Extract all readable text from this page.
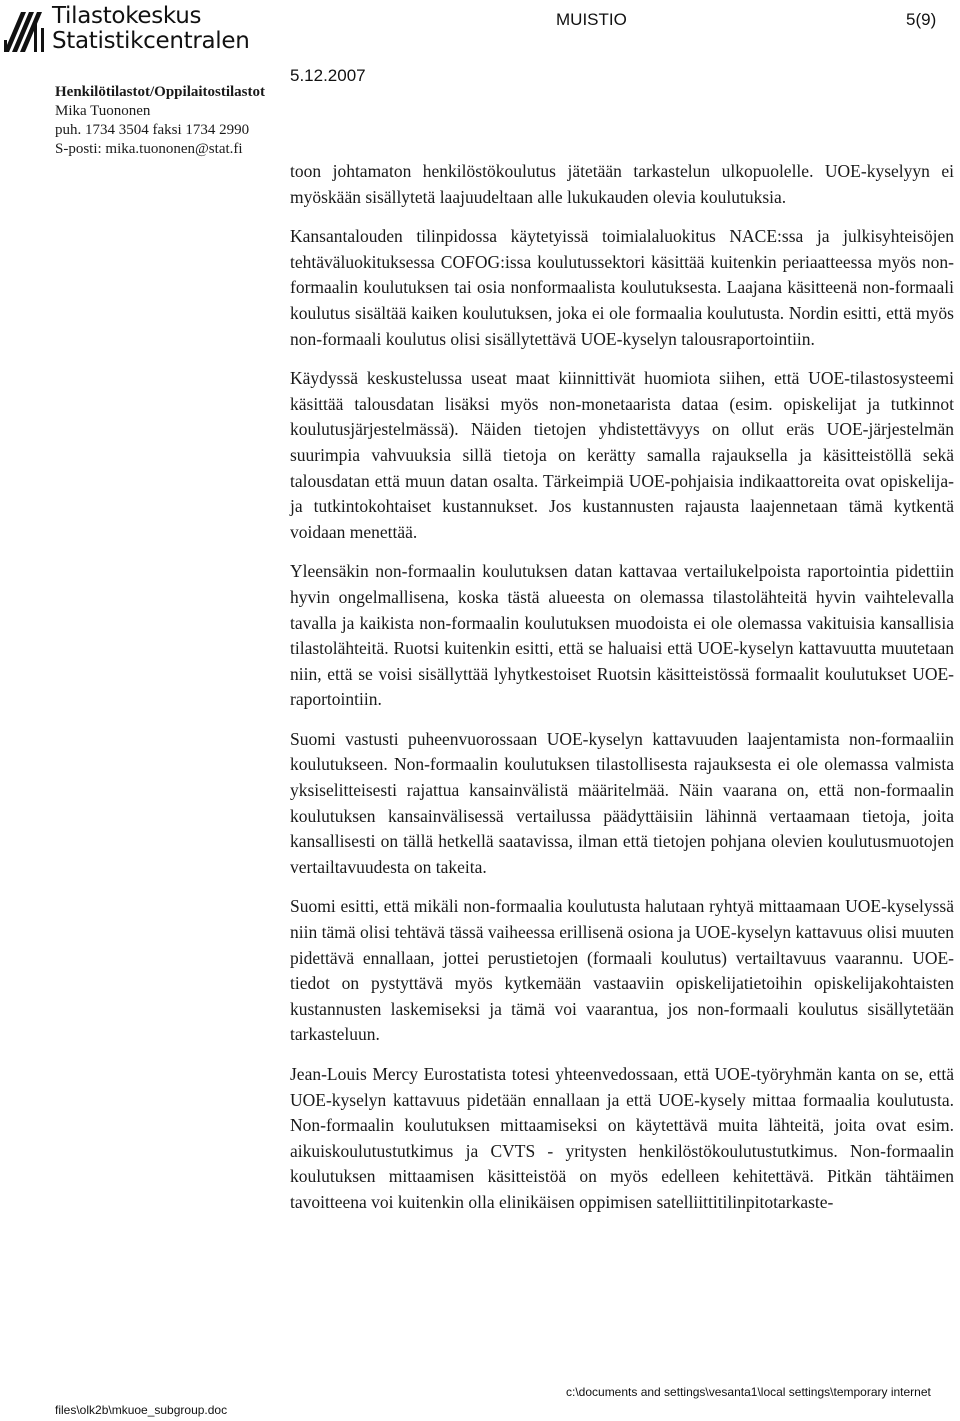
Tilastokeskus
Statistikcentralen
MUISTIO	5(9)
5.12.2007
Henkilötilastot/Oppilaitostilastot
Mika Tuononen
puh. 1734 3504 faksi 1734 2990
S-posti: mika.tuononen@stat.fi

toon johtamaton henkilöstökoulutus jätetään tarkastelun ulkopuolelle. UOE-kyselyyn ei myöskään sisällytetä laajuudeltaan alle lukukauden olevia koulutuksia.

Kansantalouden tilinpidossa käytetyissä toimialaluokitus NACE:ssa ja julkisyhteisöjen tehtäväluokituksessa COFOG:issa koulutussektori käsittää kuitenkin periaatteessa myös non-formaalin koulutuksen tai osia nonformaalista koulutuksesta. Laajana käsitteenä non-formaali koulutus sisältää kaiken koulutuksen, joka ei ole formaalia koulutusta. Nordin esitti, että myös non-formaali koulutus olisi sisällytettävä UOE-kyselyn talousraportointiin.

Käydyssä keskustelussa useat maat kiinnittivät huomiota siihen, että UOE-tilastosysteemi käsittää talousdatan lisäksi myös non-monetaarista dataa (esim. opiskelijat ja tutkinnot koulutusjärjestelmässä). Näiden tietojen yhdistettävyys on ollut eräs UOE-järjestelmän suurimpia vahvuuksia sillä tietoja on kerätty samalla rajauksella ja käsitteistöllä sekä talousdatan että muun datan osalta. Tärkeimpiä UOE-pohjaisia indikaattoreita ovat opiskelija- ja tutkintokohtaiset kustannukset. Jos kustannusten rajausta laajennetaan tämä kytkentä voidaan menettää.

Yleensäkin non-formaalin koulutuksen datan kattavaa vertailukelpoista raportointia pidettiin hyvin ongelmallisena, koska tästä alueesta on olemassa tilastolähteitä hyvin vaihtelevalla tavalla ja kaikista non-formaalin koulutuksen muodoista ei ole olemassa vakituisia kansallisia tilastolähteitä. Ruotsi kuitenkin esitti, että se haluaisi että UOE-kyselyn kattavuutta muutetaan niin, että se voisi sisällyttää lyhytkestoiset Ruotsin käsitteistössä formaalit koulutukset UOE-raportointiin.

Suomi vastusti puheenvuorossaan UOE-kyselyn kattavuuden laajentamista non-formaaliin koulutukseen. Non-formaalin koulutuksen tilastollisesta rajauksesta ei ole olemassa valmista yksiselitteisesti rajattua kansainvälistä määritelmää. Näin vaarana on, että non-formaalin koulutuksen kansainvälisessä vertailussa päädyttäisiin lähinnä vertaamaan tietoja, joita kansallisesti on tällä hetkellä saatavissa, ilman että tietojen pohjana olevien koulutusmuotojen vertailtavuudesta on takeita.

Suomi esitti, että mikäli non-formaalia koulutusta halutaan ryhtyä mittaamaan UOE-kyselyssä niin tämä olisi tehtävä tässä vaiheessa erillisenä osiona ja UOE-kyselyn kattavuus olisi muuten pidettävä ennallaan, jottei perustietojen (formaali koulutus) vertailtavuus vaarannu. UOE-tiedot on pystyttävä myös kytkemään vastaaviin opiskelijatietoihin opiskelijakohtaisten kustannusten laskemiseksi ja tämä voi vaarantua, jos non-formaali koulutus sisällytetään tarkasteluun.

Jean-Louis Mercy Eurostatista totesi yhteenvedossaan, että UOE-työryhmän kanta on se, että UOE-kyselyn kattavuus pidetään ennallaan ja että UOE-kysely mittaa formaalia koulutusta. Non-formaalin koulutuksen mittaamiseksi on käytettävä muita lähteitä, joita ovat esim. aikuiskoulutustutkimus ja CVTS - yritysten henkilöstökoulutustutkimus. Non-formaalin koulutuksen mittaamisen käsitteistöä on myös edelleen kehitettävä. Pitkän tähtäimen tavoitteena voi kuitenkin olla elinikäisen oppimisen satelliittitilinpitotarkaste-

c:\documents and settings\vesanta1\local settings\temporary internet
files\olk2b\mkuoe_subgroup.doc
